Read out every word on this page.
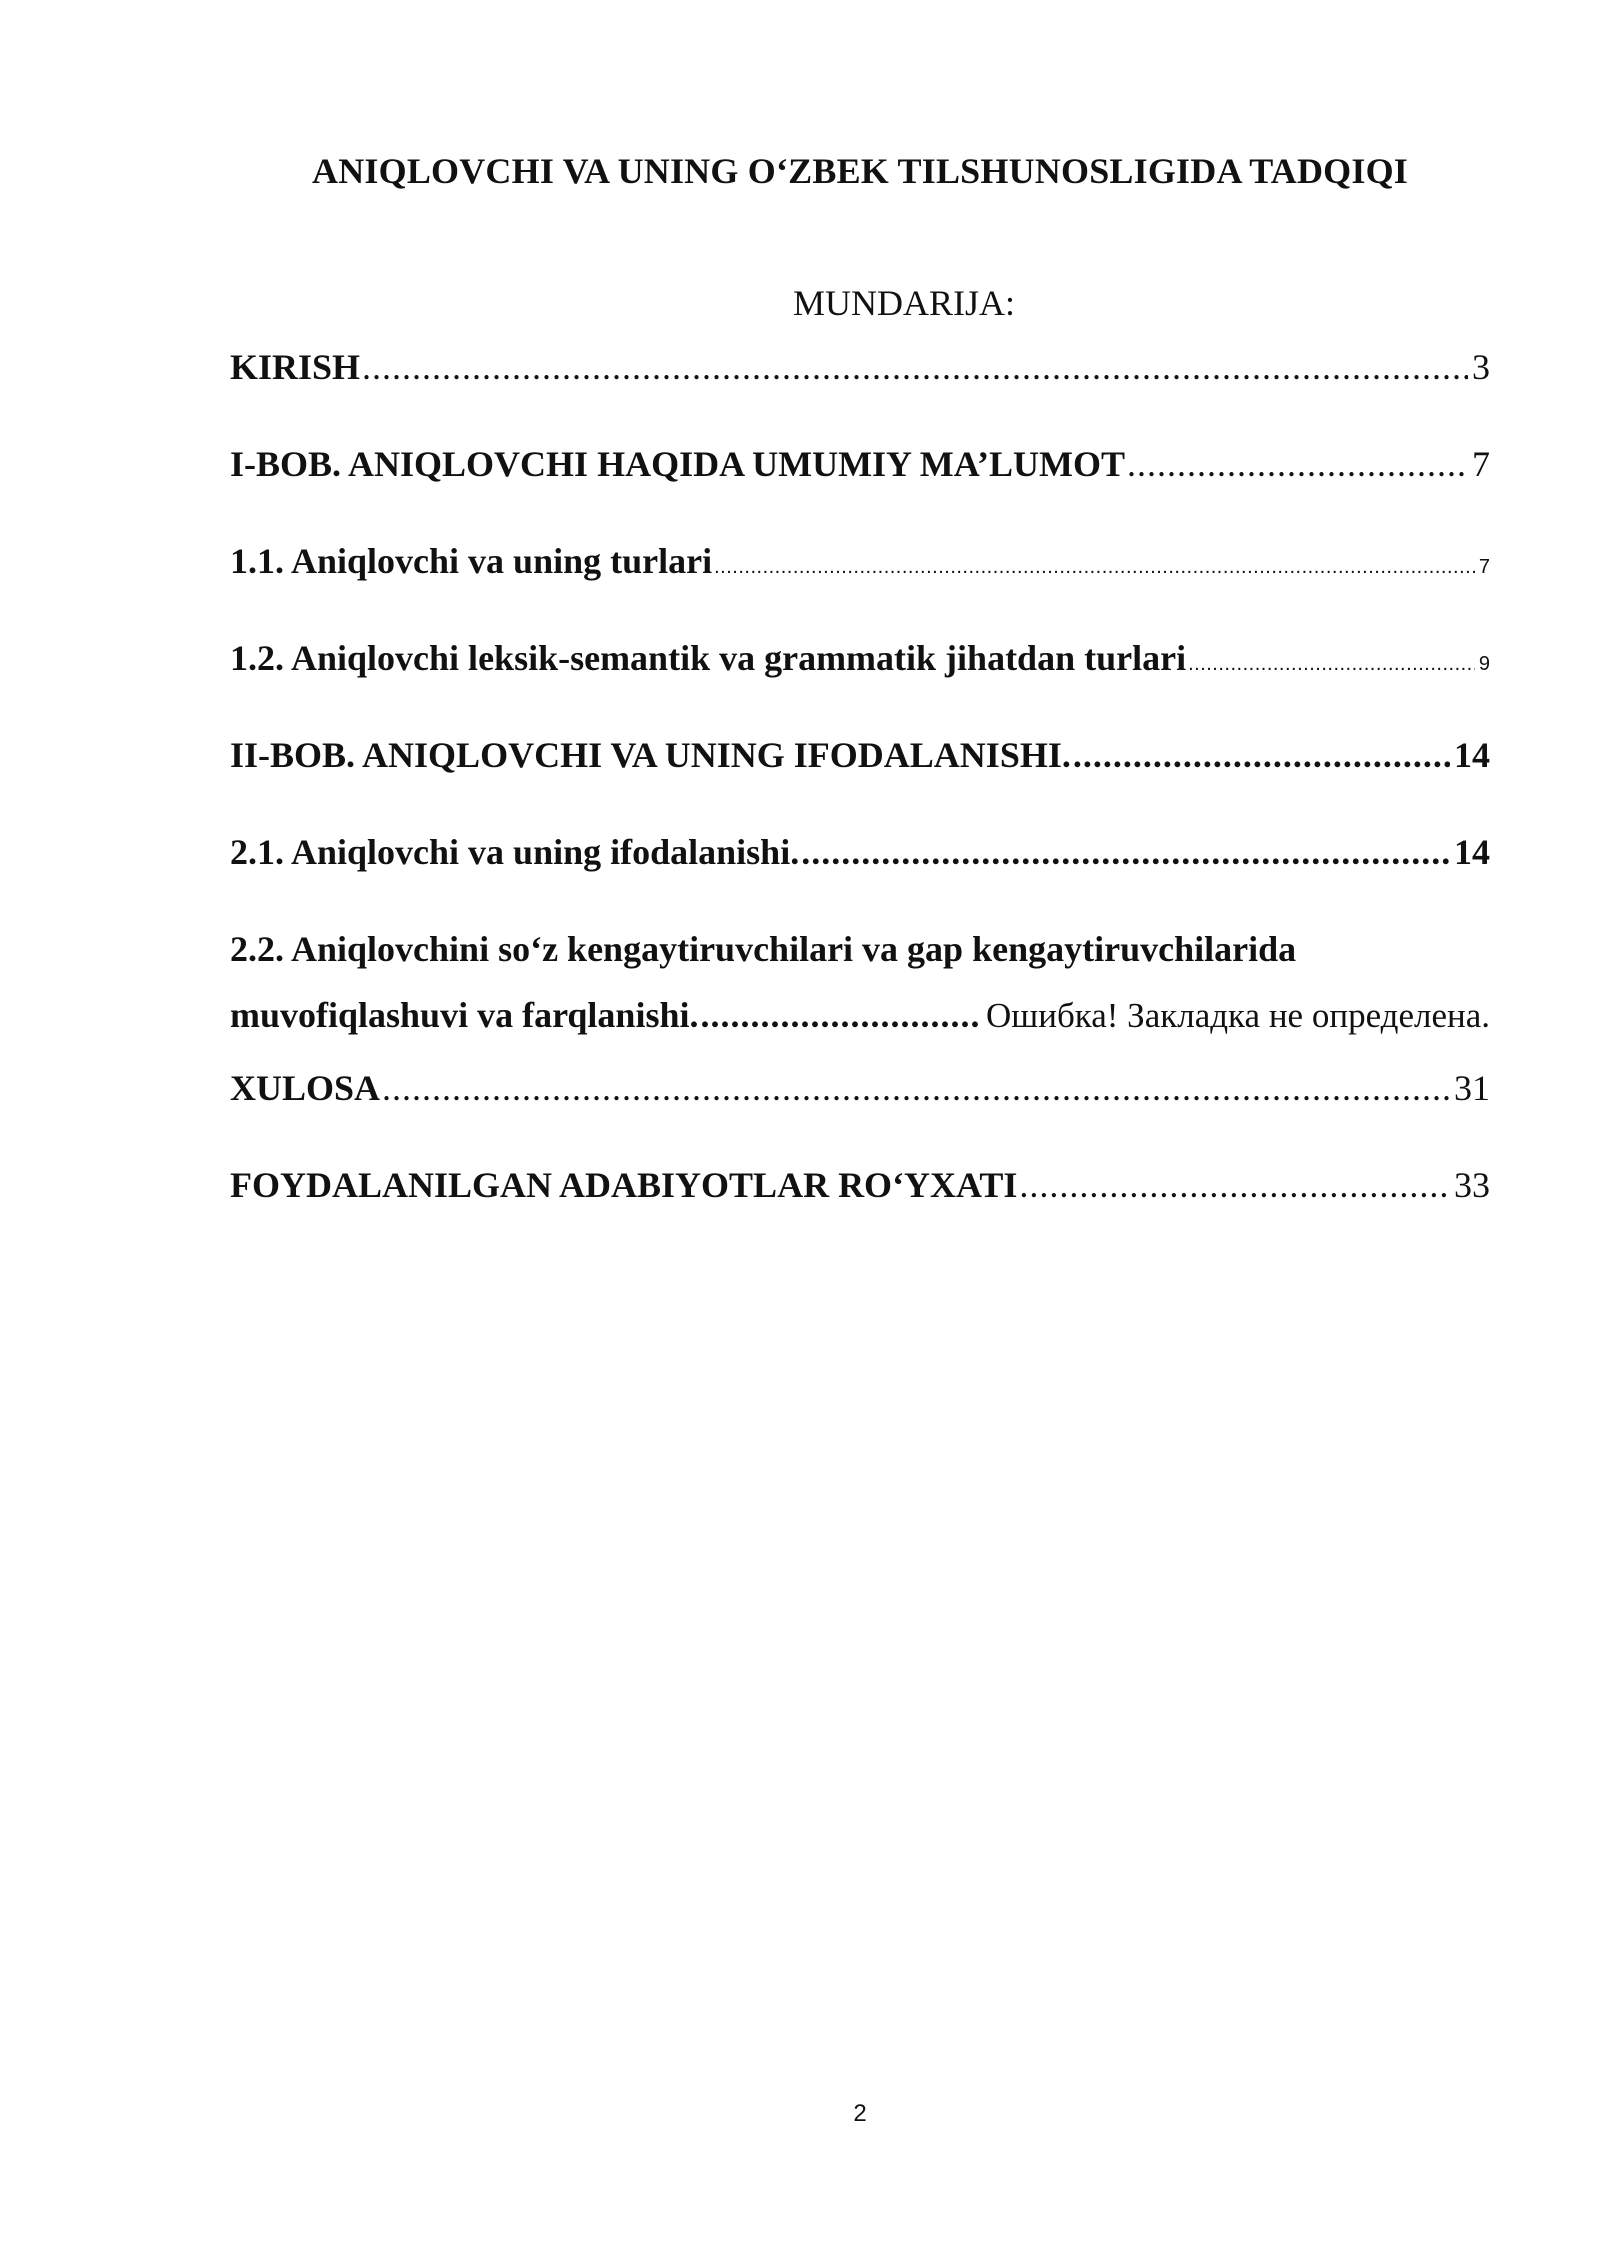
ANIQLOVCHI VA UNING O‘ZBEK TILSHUNOSLIGIDA TADQIQI
MUNDARIJA:
KIRISH .....	3
I-BOB. ANIQLOVCHI HAQIDA UMUMIY MA’LUMOT .....	7
1.1. Aniqlovchi va uning turlari .....	7
1.2. Aniqlovchi leksik-semantik va grammatik jihatdan turlari .....	9
II-BOB. ANIQLOVCHI VA UNING IFODALANISHI. .....	14
2.1. Aniqlovchi va uning ifodalanishi. .....	14
2.2. Aniqlovchini so‘z kengaytiruvchilari va gap kengaytiruvchilarida
muvofiqlashuvi va farqlanishi. .....	Ошибка! Закладка не определена.
XULOSA .....	31
FOYDALANILGAN ADABIYOTLAR RO‘YXATI .....	33
2
